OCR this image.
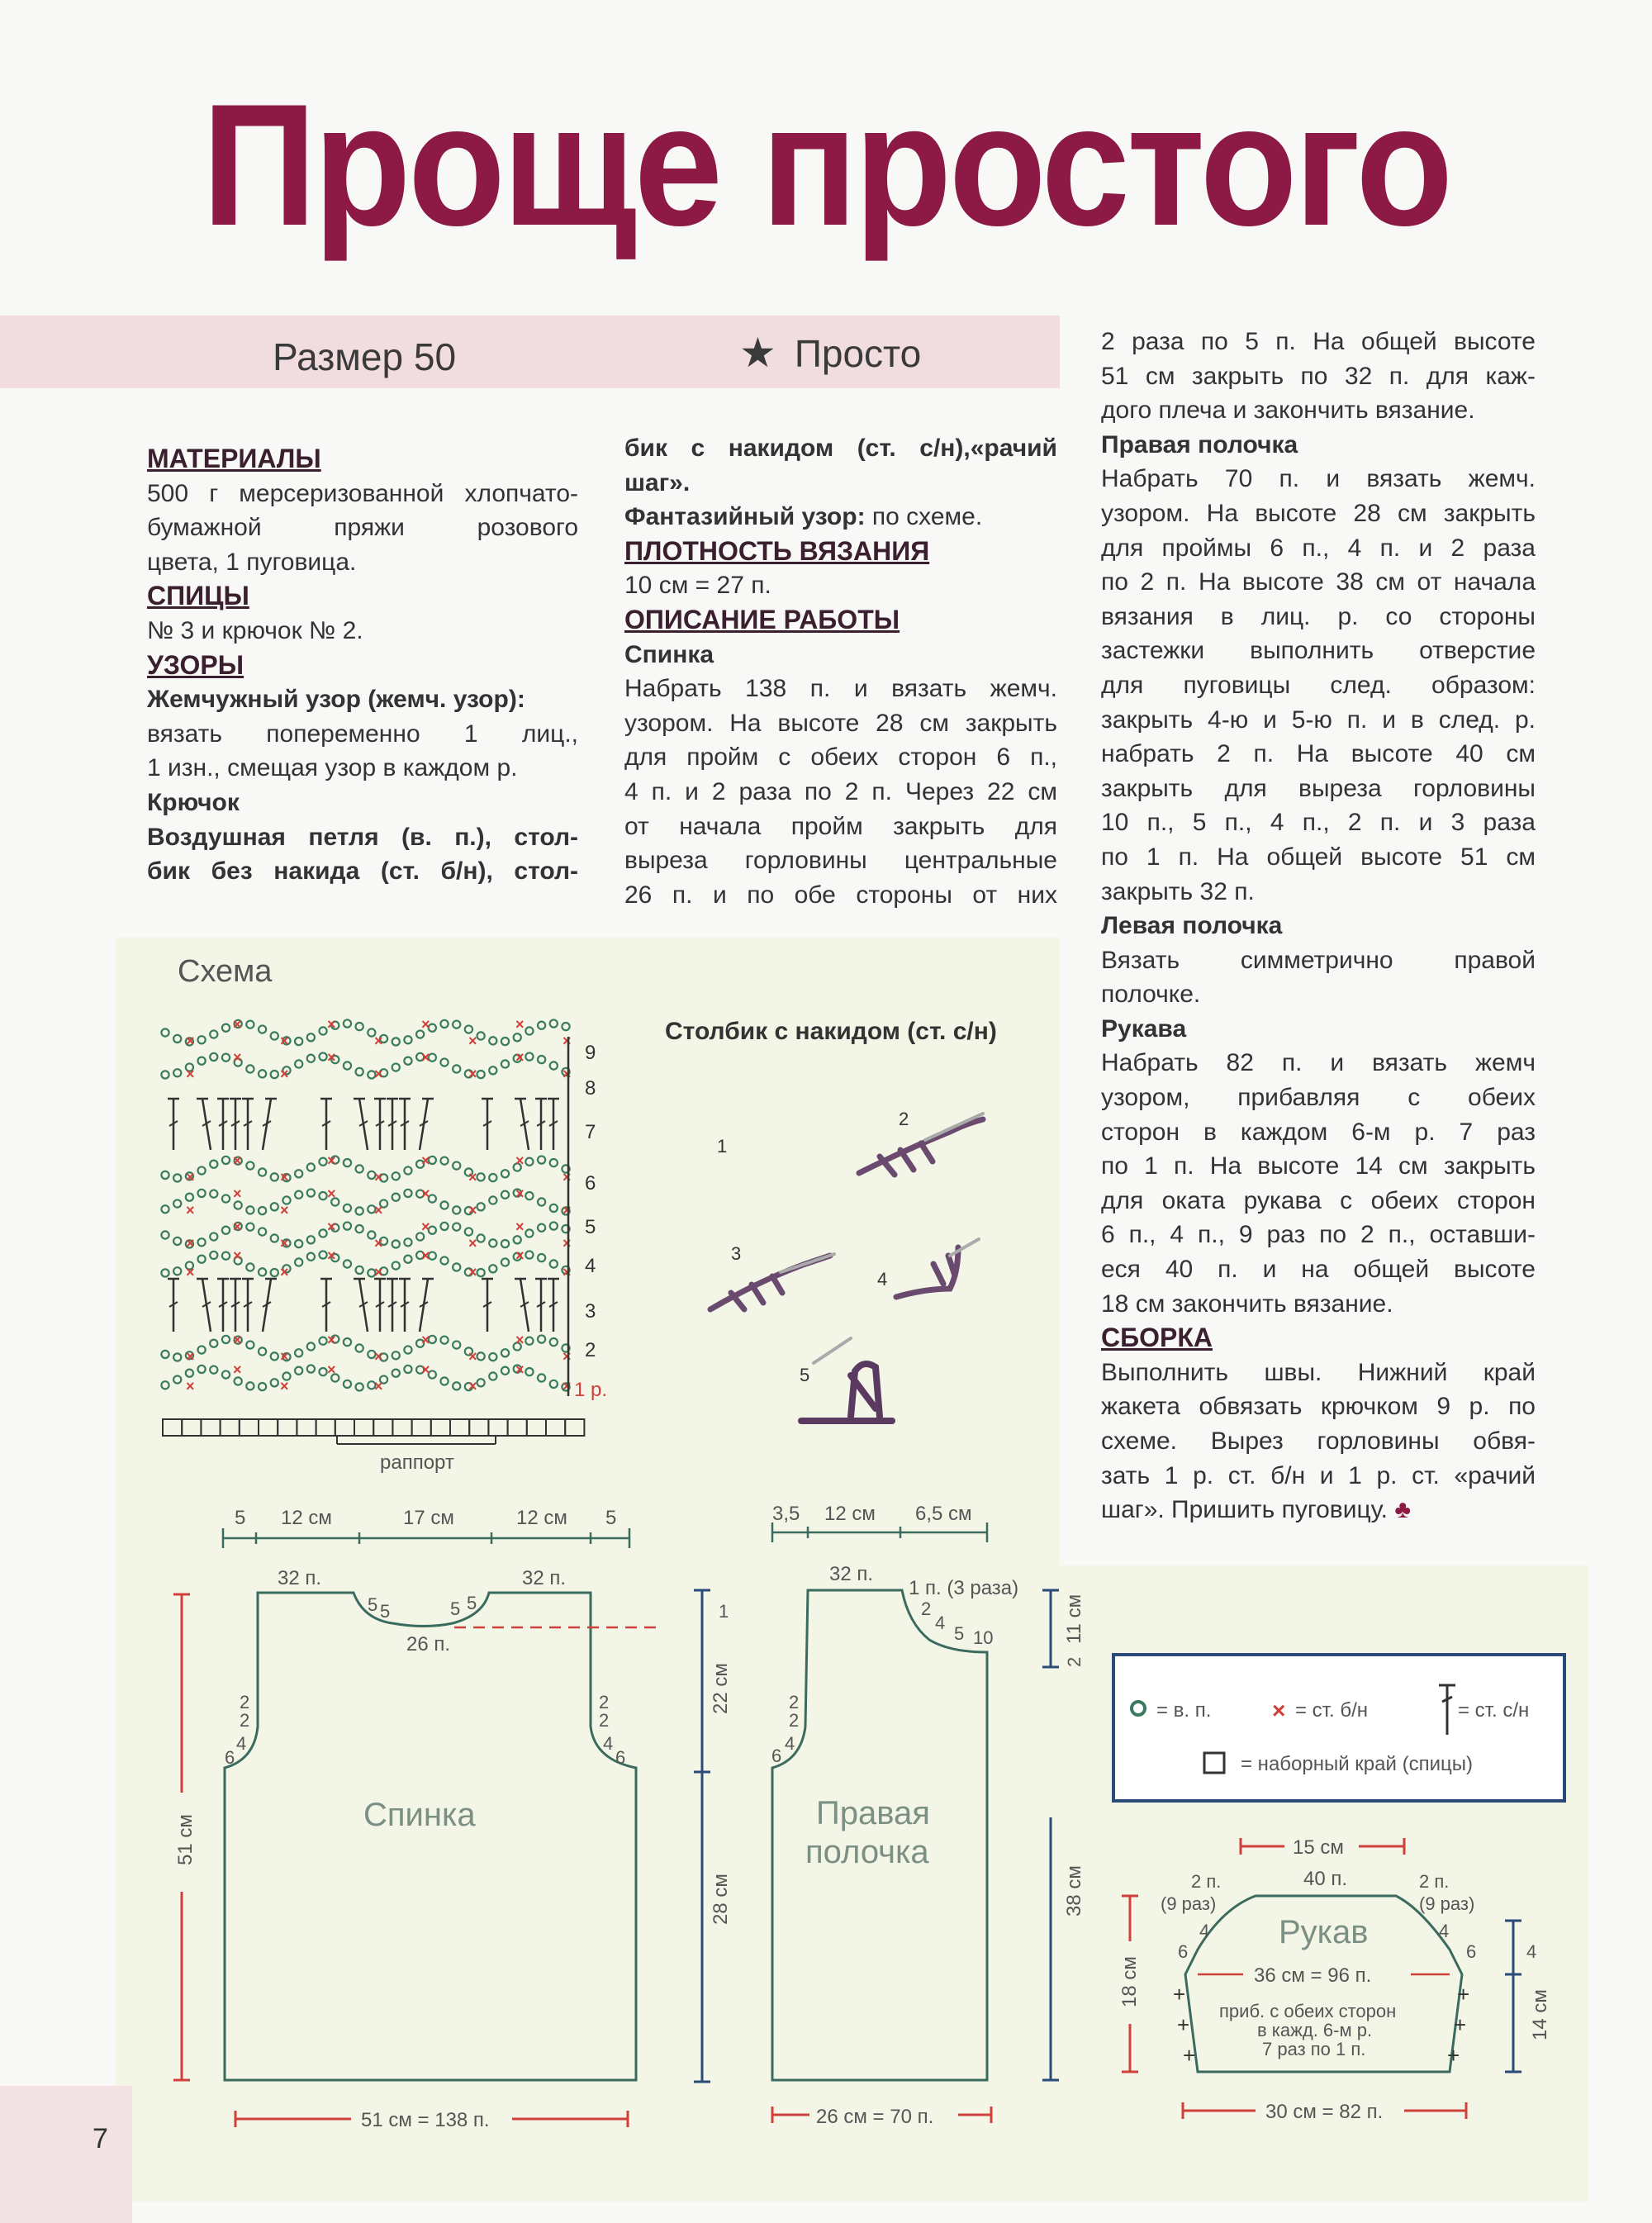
Проще простого
Размер 50	★ Просто

МАТЕРИАЛЫ

500 г мерсеризованной хлопчато-

бумажной пряжи розового

цвета, 1 пуговица.

СПИЦЫ

№ 3 и крючок № 2.

УЗОРЫ

Жемчужный узор (жемч. узор):

вязать попеременно 1 лиц.,

1 изн., смещая узор в каждом р.

Крючок

Воздушная петля (в. п.), стол-

бик без накида (ст. б/н), стол-

бик с накидом (ст. с/н),«рачий

шаг».

Фантазийный узор: по схеме.

ПЛОТНОСТЬ ВЯЗАНИЯ

10 см = 27 п.

ОПИСАНИЕ РАБОТЫ

Спинка

Набрать 138 п. и вязать жемч.

узором. На высоте 28 см закрыть

для пройм с обеих сторон 6 п.,

4 п. и 2 раза по 2 п. Через 22 см

от начала пройм закрыть для

выреза горловины центральные

26 п. и по обе стороны от них

2 раза по 5 п. На общей высоте

51 см закрыть по 32 п. для каж-

дого плеча и закончить вязание.

Правая полочка

Набрать 70 п. и вязать жемч.

узором. На высоте 28 см закрыть

для проймы 6 п., 4 п. и 2 раза

по 2 п. На высоте 38 см от начала

вязания в лиц. р. со стороны

застежки выполнить отверстие

для пуговицы след. образом:

закрыть 4-ю и 5-ю п. и в след. р.

набрать 2 п. На высоте 40 см

закрыть для выреза горловины

10 п., 5 п., 4 п., 2 п. и 3 раза

по 1 п. На общей высоте 51 см

закрыть 32 п.

Левая полочка

Вязать симметрично правой

полочке.

Рукава

Набрать 82 п. и вязать жемч

узором, прибавляя с обеих

сторон в каждом 6-м р. 7 раз

по 1 п. На высоте 14 см закрыть

для оката рукава с обеих сторон

6 п., 4 п., 9 раз по 2 п., оставши-

еся 40 п. и на общей высоте

18 см закончить вязание.

СБОРКА

Выполнить швы. Нижний край

жакета обвязать крючком 9 р. по

схеме. Вырез горловины обвя-

зать 1 р. ст. б/н и 1 р. ст. «рачий

шаг». Пришить пуговицу. ♣

7
Схема
×
×
×
×
×
×
×
×
×
×
×
×
×
×
×
×
×
×
×
×
×
×
×
×
×
×
×
×
×
×
×
×
×
×
×
×
×
×
×
×
×
×
×
×
×
×
×
×
×
×
×
×
×
×
×
×
×
×
×
×
×
×
×
×
×
×
×
×
×
×
×
×
9
8
7
6
5
4
3
2
1 р.
раппорт
Столбик с накидом (ст. с/н)
1
2
3
4
5
5 12 см	17 см	12 см 5
32 п.	32 п.
26 п.
5 5	5 5
2
2
4
6
2
2
4
6
Спинка
51 см
1
22 см
28 см
51 см = 138 п.
3,5 12 см 6,5 см
32 п.
1 п. (3 раза)
2
4
5 10
2
2
4
6
Правая
полочка
11 см
2
38 см
26 см = 70 п.
= в. п.	× = ст. б/н	= ст. с/н
= наборный край (спицы)
15 см
40 п.
2 п.
(9 раз)
2 п.
(9 раз)
4
6
4
6
Рукав
36 см = 96 п.
приб. с обеих сторон
в кажд. 6-м р.
7 раз по 1 п.
+
+
+
+
+
+
18 см
4
14 см
30 см = 82 п.
